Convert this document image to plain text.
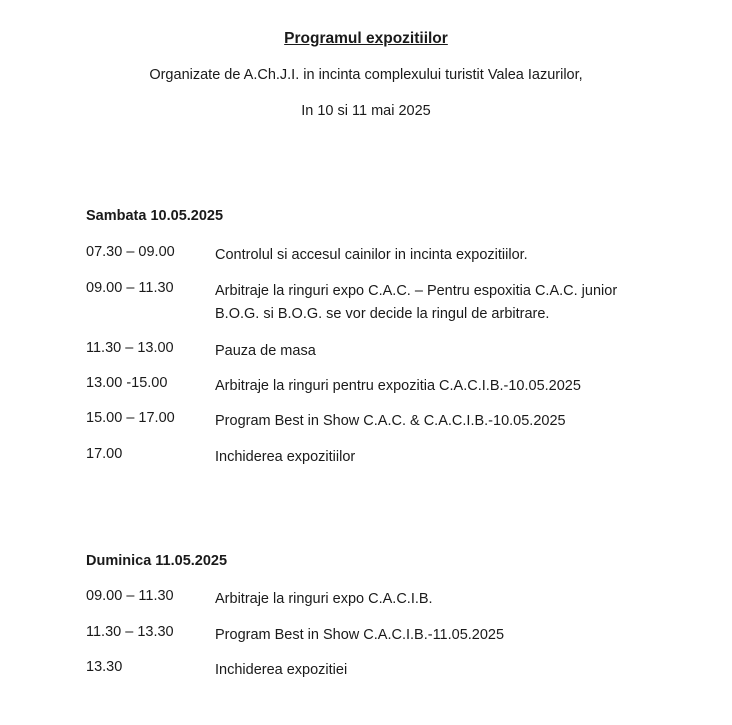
Programul expozitiilor
Organizate de A.Ch.J.I. in incinta complexului turistit Valea Iazurilor,
In 10 si 11 mai 2025
Sambata 10.05.2025
07.30 – 09.00	Controlul si accesul cainilor in incinta expozitiilor.
09.00 – 11.30	Arbitraje la ringuri expo C.A.C. – Pentru espoxitia C.A.C. junior
B.O.G. si B.O.G. se vor decide la ringul de arbitrare.
11.30 – 13.00	Pauza de masa
13.00 -15.00	Arbitraje la ringuri pentru expozitia C.A.C.I.B.-10.05.2025
15.00 – 17.00	Program Best in Show C.A.C. & C.A.C.I.B.-10.05.2025
17.00	Inchiderea expozitiilor
Duminica 11.05.2025
09.00 – 11.30	Arbitraje la ringuri expo C.A.C.I.B.
11.30 – 13.30	Program Best in Show C.A.C.I.B.-11.05.2025
13.30	Inchiderea expozitiei
